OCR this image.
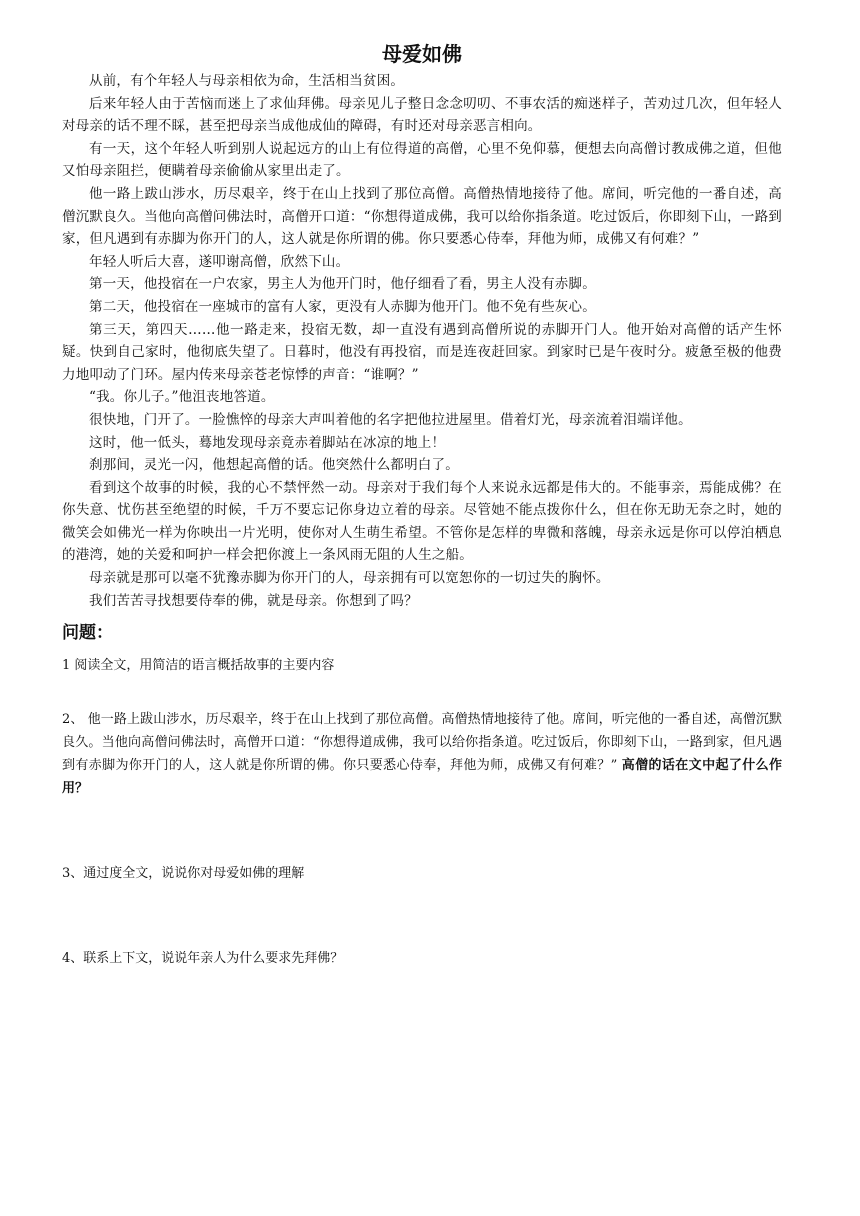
母爱如佛

从前，有个年轻人与母亲相依为命，生活相当贫困。

后来年轻人由于苦恼而迷上了求仙拜佛。母亲见儿子整日念念叨叨、不事农活的痴迷样子，苦劝过几次，但年轻人对母亲的话不理不睬，甚至把母亲当成他成仙的障碍，有时还对母亲恶言相向。

有一天，这个年轻人听到别人说起远方的山上有位得道的高僧，心里不免仰慕，便想去向高僧讨教成佛之道，但他又怕母亲阻拦，便瞒着母亲偷偷从家里出走了。

他一路上跋山涉水，历尽艰辛，终于在山上找到了那位高僧。高僧热情地接待了他。席间，听完他的一番自述，高僧沉默良久。当他向高僧问佛法时，高僧开口道：“你想得道成佛，我可以给你指条道。吃过饭后，你即刻下山，一路到家，但凡遇到有赤脚为你开门的人，这人就是你所谓的佛。你只要悉心侍奉，拜他为师，成佛又有何难？”

年轻人听后大喜，遂叩谢高僧，欣然下山。

第一天，他投宿在一户农家，男主人为他开门时，他仔细看了看，男主人没有赤脚。

第二天，他投宿在一座城市的富有人家，更没有人赤脚为他开门。他不免有些灰心。

第三天，第四天……他一路走来，投宿无数，却一直没有遇到高僧所说的赤脚开门人。他开始对高僧的话产生怀疑。快到自己家时，他彻底失望了。日暮时，他没有再投宿，而是连夜赶回家。到家时已是午夜时分。疲惫至极的他费力地叩动了门环。屋内传来母亲苍老惊悸的声音：“谁啊？”

“我。你儿子。”他沮丧地答道。

很快地，门开了。一脸憔悴的母亲大声叫着他的名字把他拉进屋里。借着灯光，母亲流着泪端详他。

这时，他一低头，蓦地发现母亲竟赤着脚站在冰凉的地上！

刹那间，灵光一闪，他想起高僧的话。他突然什么都明白了。

看到这个故事的时候，我的心不禁怦然一动。母亲对于我们每个人来说永远都是伟大的。不能事亲，焉能成佛？在你失意、忧伤甚至绝望的时候，千万不要忘记你身边立着的母亲。尽管她不能点拨你什么，但在你无助无奈之时，她的微笑会如佛光一样为你映出一片光明，使你对人生萌生希望。不管你是怎样的卑微和落魄，母亲永远是你可以停泊栖息的港湾，她的关爱和呵护一样会把你渡上一条风雨无阻的人生之船。

母亲就是那可以毫不犹豫赤脚为你开门的人，母亲拥有可以宽恕你的一切过失的胸怀。

我们苦苦寻找想要侍奉的佛，就是母亲。你想到了吗？

问题：

1 阅读全文，用简洁的语言概括故事的主要内容

2、 他一路上跋山涉水，历尽艰辛，终于在山上找到了那位高僧。高僧热情地接待了他。席间，听完他的一番自述，高僧沉默良久。当他向高僧问佛法时，高僧开口道：“你想得道成佛，我可以给你指条道。吃过饭后，你即刻下山，一路到家，但凡遇到有赤脚为你开门的人，这人就是你所谓的佛。你只要悉心侍奉，拜他为师，成佛又有何难？” 高僧的话在文中起了什么作用？

3、通过度全文，说说你对母爱如佛的理解

4、联系上下文，说说年亲人为什么要求先拜佛？
